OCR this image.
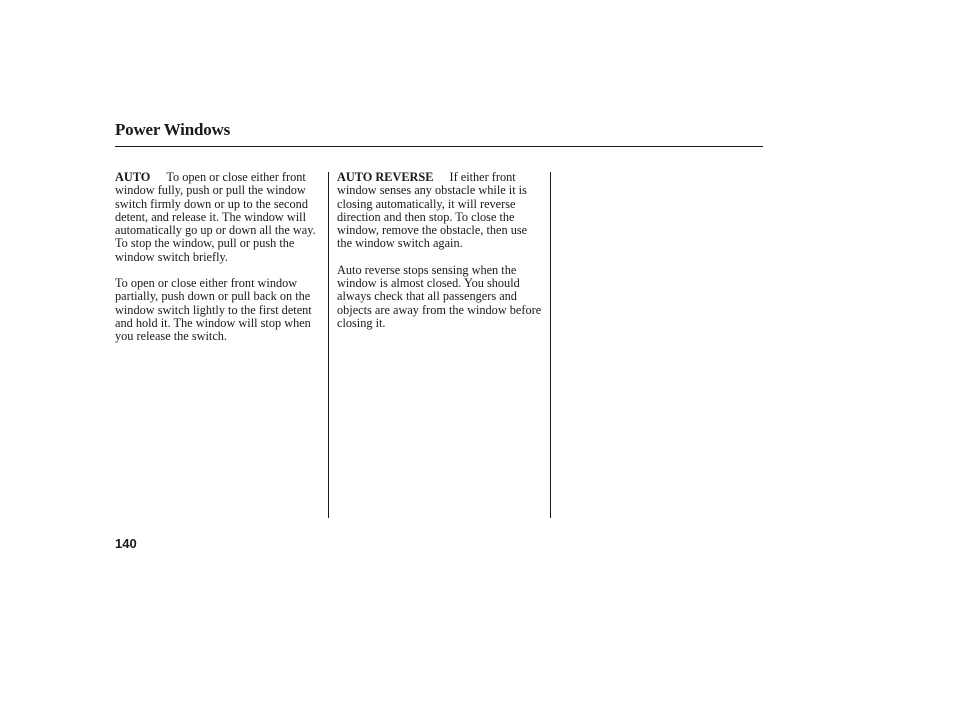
Power Windows

AUTO To open or close either front window fully, push or pull the window switch firmly down or up to the second detent, and release it. The window will automatically go up or down all the way. To stop the window, pull or push the window switch briefly.

To open or close either front window partially, push down or pull back on the window switch lightly to the first detent and hold it. The window will stop when you release the switch.

AUTO REVERSE If either front window senses any obstacle while it is closing automatically, it will reverse direction and then stop. To close the window, remove the obstacle, then use the window switch again.

Auto reverse stops sensing when the window is almost closed. You should always check that all passengers and objects are away from the window before closing it.

140
